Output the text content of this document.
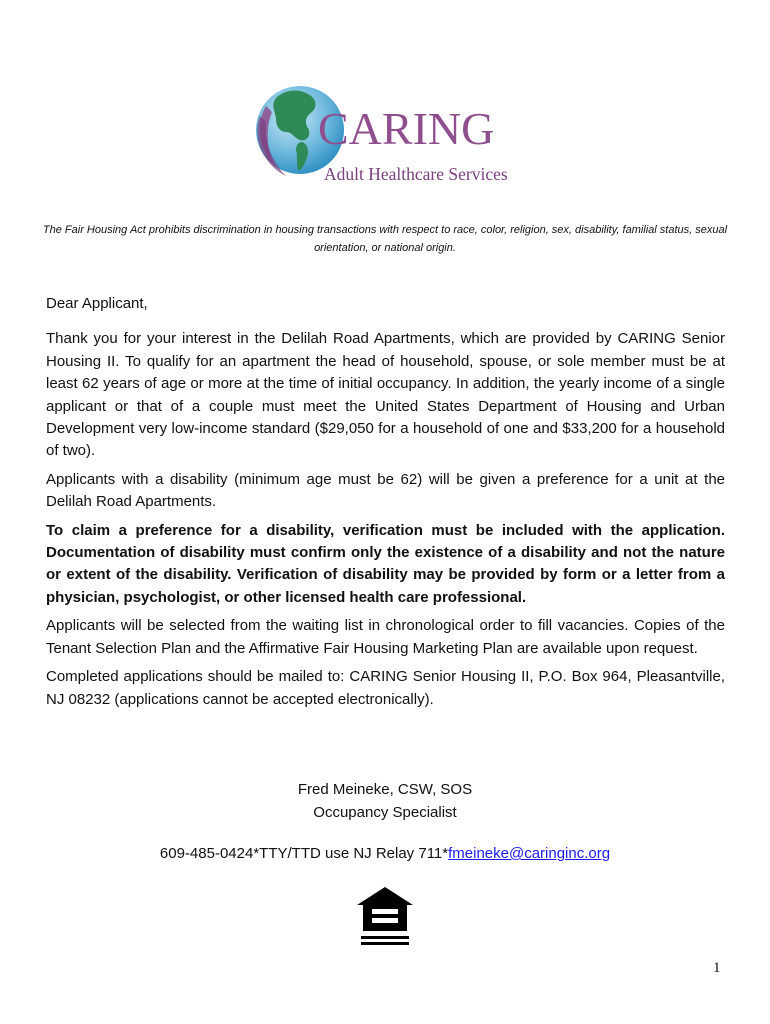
CARING
Adult Healthcare Services
The Fair Housing Act prohibits discrimination in housing transactions with respect to race, color, religion, sex, disability, familial status, sexual orientation, or national origin.

Dear Applicant,

Thank you for your interest in the Delilah Road Apartments, which are provided by CARING Senior Housing II. To qualify for an apartment the head of household, spouse, or sole member must be at least 62 years of age or more at the time of initial occupancy. In addition, the yearly income of a single applicant or that of a couple must meet the United States Department of Housing and Urban Development very low-income standard ($29,050 for a household of one and $33,200 for a household of two).

Applicants with a disability (minimum age must be 62) will be given a preference for a unit at the Delilah Road Apartments.

To claim a preference for a disability, verification must be included with the application. Documentation of disability must confirm only the existence of a disability and not the nature or extent of the disability. Verification of disability may be provided by form or a letter from a physician, psychologist, or other licensed health care professional.

Applicants will be selected from the waiting list in chronological order to fill vacancies. Copies of the Tenant Selection Plan and the Affirmative Fair Housing Marketing Plan are available upon request.

Completed applications should be mailed to: CARING Senior Housing II, P.O. Box 964, Pleasantville, NJ 08232 (applications cannot be accepted electronically).

Fred Meineke, CSW, SOS
Occupancy Specialist
609-485-0424*TTY/TTD use NJ Relay 711*fmeineke@caringinc.org
1
